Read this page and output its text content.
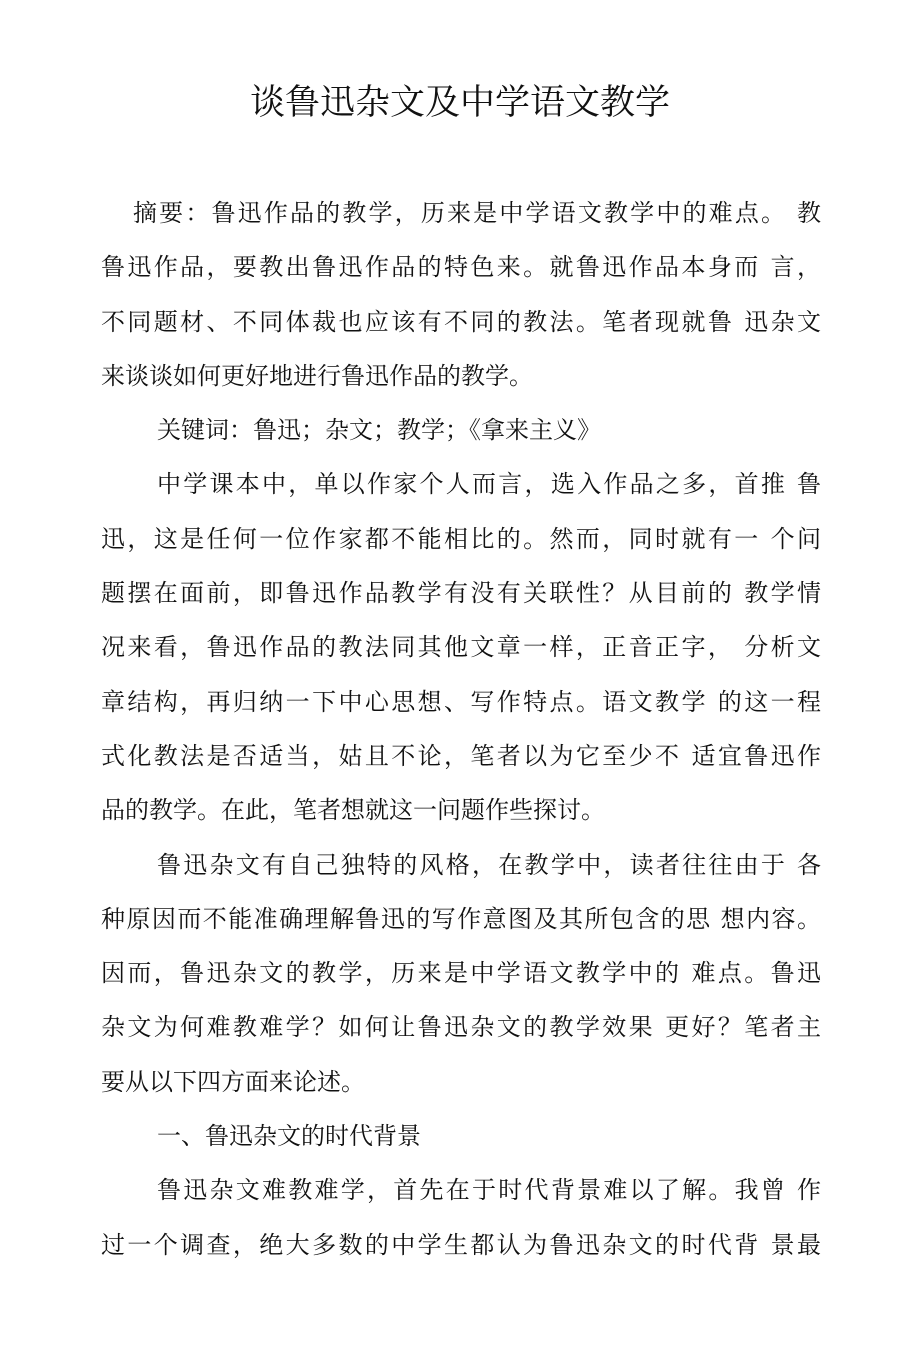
谈鲁迅杂文及中学语文教学
摘要：鲁迅作品的教学，历来是中学语文教学中的难点。 教
鲁迅作品，要教出鲁迅作品的特色来。就鲁迅作品本身而 言，
不同题材、不同体裁也应该有不同的教法。笔者现就鲁 迅杂文
来谈谈如何更好地进行鲁迅作品的教学。
关键词：鲁迅；杂文；教学；《拿来主义》
中学课本中，单以作家个人而言，选入作品之多，首推 鲁
迅，这是任何一位作家都不能相比的。然而，同时就有一 个问
题摆在面前，即鲁迅作品教学有没有关联性？从目前的 教学情
况来看，鲁迅作品的教法同其他文章一样，正音正字， 分析文
章结构，再归纳一下中心思想、写作特点。语文教学 的这一程
式化教法是否适当，姑且不论，笔者以为它至少不 适宜鲁迅作
品的教学。在此，笔者想就这一问题作些探讨。
鲁迅杂文有自己独特的风格，在教学中，读者往往由于 各
种原因而不能准确理解鲁迅的写作意图及其所包含的思 想内容。
因而，鲁迅杂文的教学，历来是中学语文教学中的 难点。鲁迅
杂文为何难教难学？如何让鲁迅杂文的教学效果 更好？笔者主
要从以下四方面来论述。
一、鲁迅杂文的时代背景
鲁迅杂文难教难学，首先在于时代背景难以了解。我曾 作
过一个调查，绝大多数的中学生都认为鲁迅杂文的时代背 景最
